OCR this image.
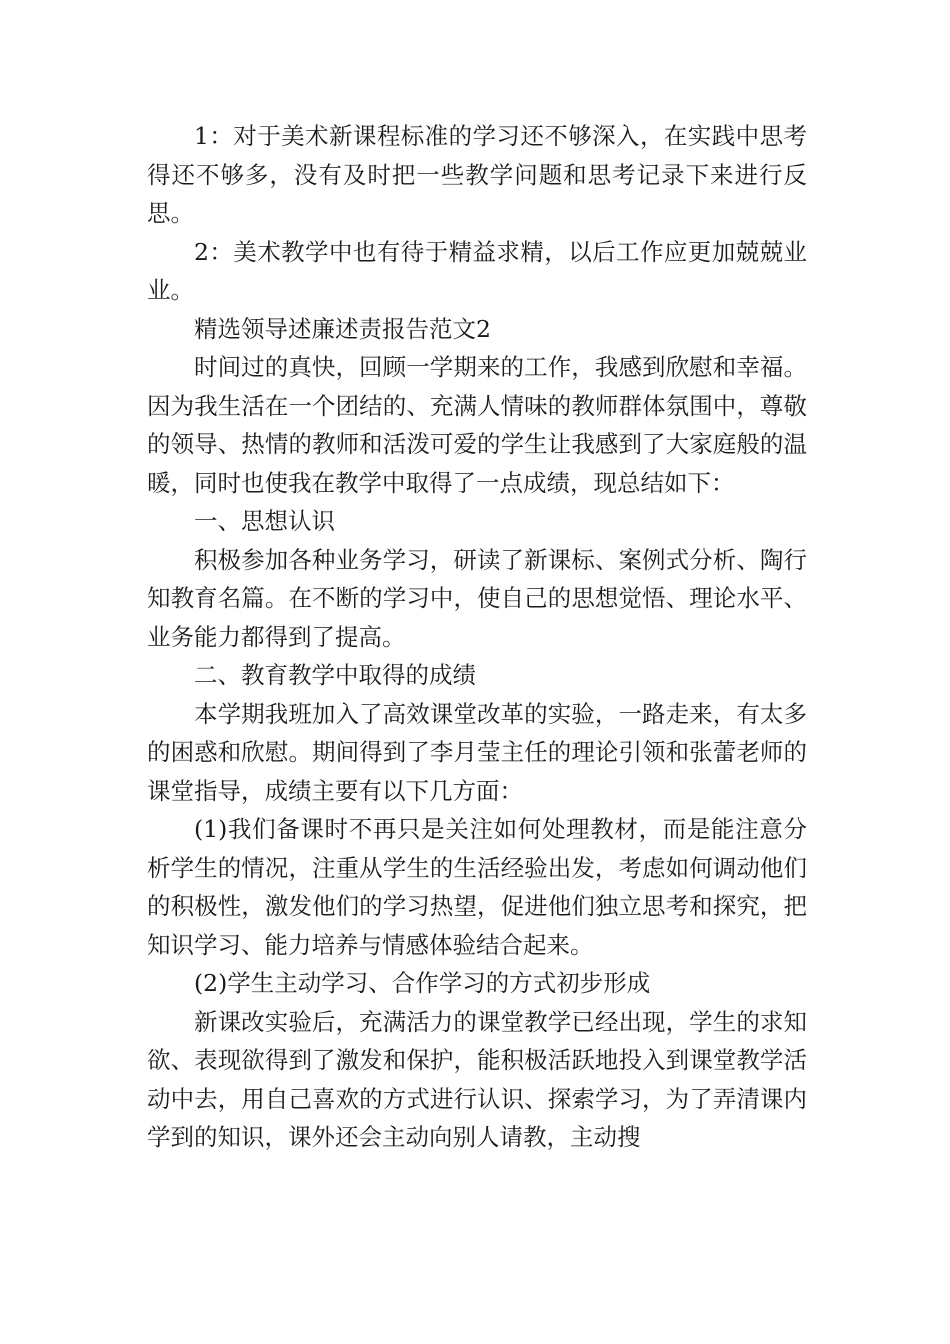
1：对于美术新课程标准的学习还不够深入，在实践中思考得还不够多，没有及时把一些教学问题和思考记录下来进行反思。

2：美术教学中也有待于精益求精，以后工作应更加兢兢业业。

精选领导述廉述责报告范文2

时间过的真快，回顾一学期来的工作，我感到欣慰和幸福。因为我生活在一个团结的、充满人情味的教师群体氛围中，尊敬的领导、热情的教师和活泼可爱的学生让我感到了大家庭般的温暖，同时也使我在教学中取得了一点成绩，现总结如下：

一、思想认识

积极参加各种业务学习，研读了新课标、案例式分析、陶行知教育名篇。在不断的学习中，使自己的思想觉悟、理论水平、业务能力都得到了提高。

二、教育教学中取得的成绩

本学期我班加入了高效课堂改革的实验，一路走来，有太多的困惑和欣慰。期间得到了李月莹主任的理论引领和张蕾老师的课堂指导，成绩主要有以下几方面：

(1)我们备课时不再只是关注如何处理教材，而是能注意分析学生的情况，注重从学生的生活经验出发，考虑如何调动他们的积极性，激发他们的学习热望，促进他们独立思考和探究，把知识学习、能力培养与情感体验结合起来。

(2)学生主动学习、合作学习的方式初步形成

新课改实验后，充满活力的课堂教学已经出现，学生的求知欲、表现欲得到了激发和保护，能积极活跃地投入到课堂教学活动中去，用自己喜欢的方式进行认识、探索学习，为了弄清课内学到的知识，课外还会主动向别人请教，主动搜
